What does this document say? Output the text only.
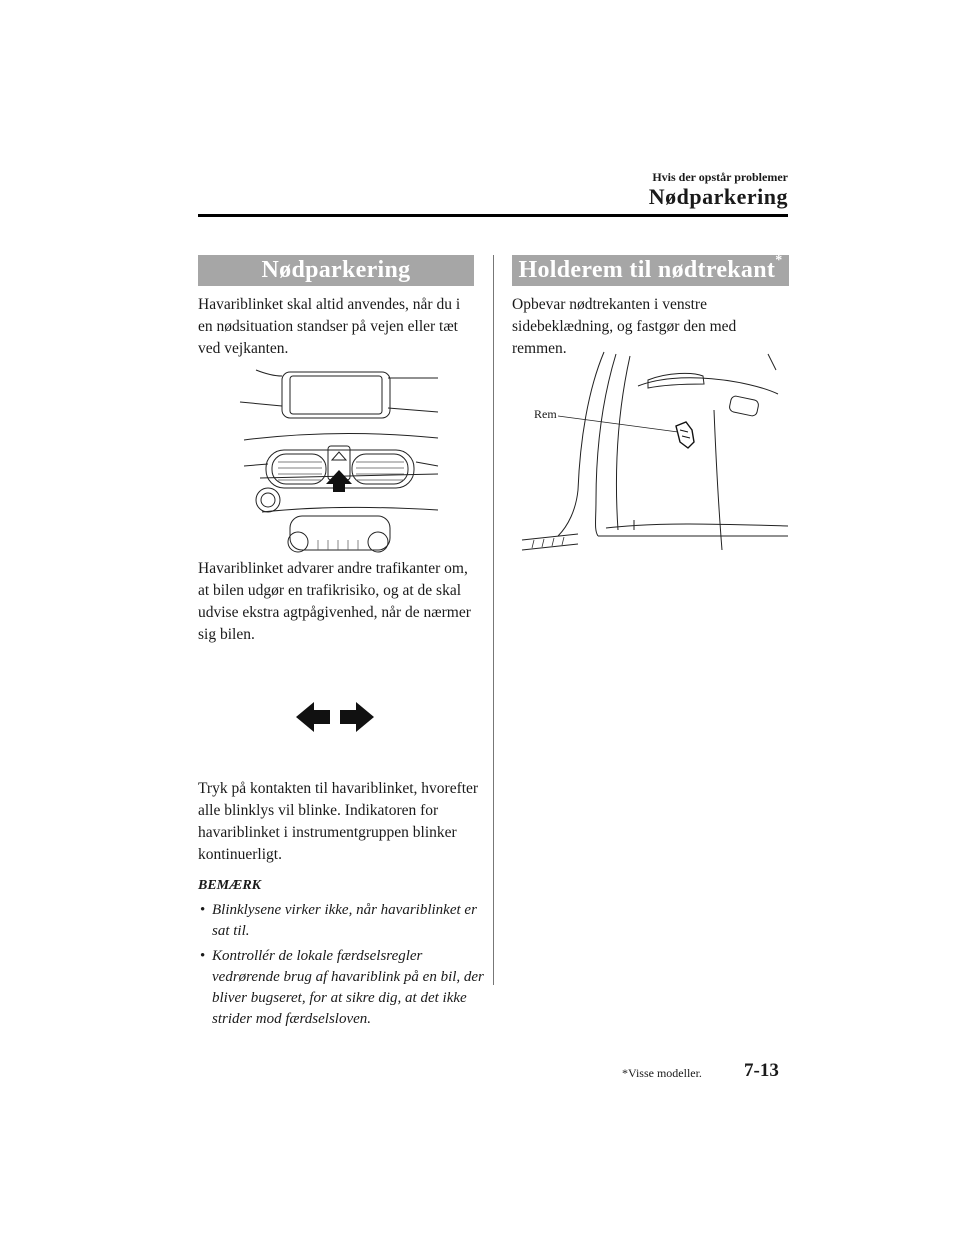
Hvis der opstår problemer
Nødparkering
Nødparkering

Havariblinket skal altid anvendes, når du i en nødsituation standser på vejen eller tæt ved vejkanten.

Havariblinket advarer andre trafikanter om, at bilen udgør en trafikrisiko, og at de skal udvise ekstra agtpågivenhed, når de nærmer sig bilen.

Tryk på kontakten til havariblinket, hvorefter alle blinklys vil blinke. Indikatoren for havariblinket i instrumentgruppen blinker kontinuerligt.

BEMÆRK
• Blinklysene virker ikke, når havariblinket er sat til.
• Kontrollér de lokale færdselsregler vedrørende brug af havariblink på en bil, der bliver bugseret, for at sikre dig, at det ikke strider mod færdselsloven.
Holderem til nødtrekant*

Opbevar nødtrekanten i venstre sidebeklædning, og fastgør den med remmen.

Rem
*Visse modeller. 7-13
